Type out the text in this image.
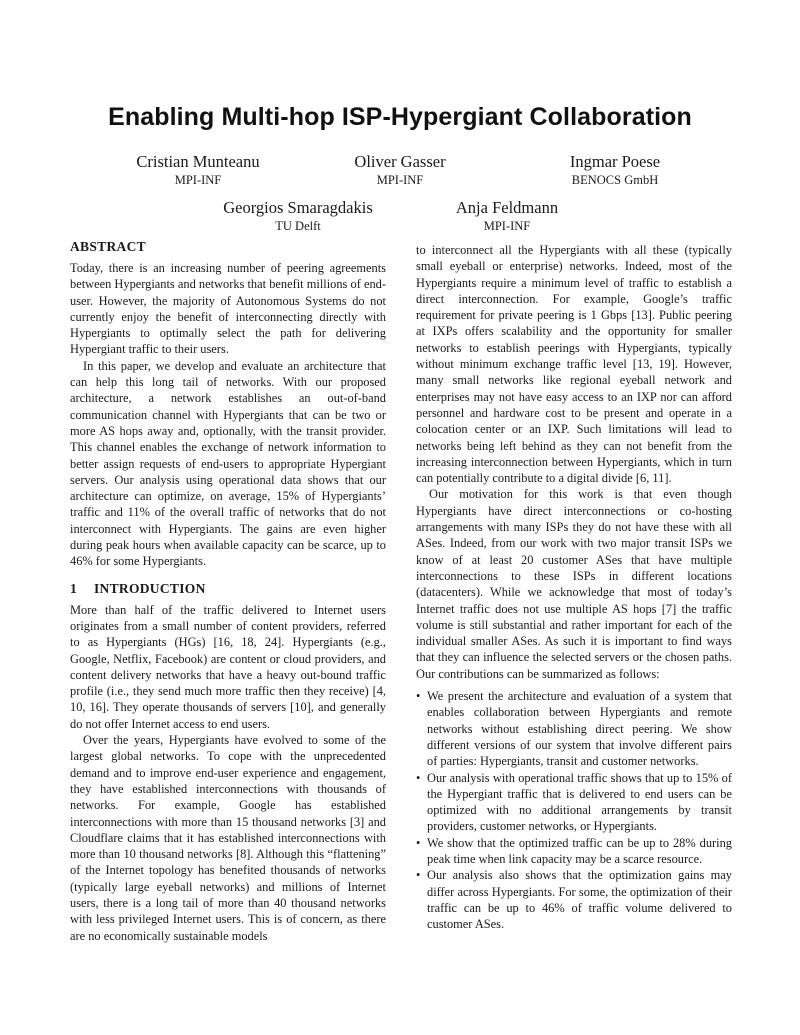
Enabling Multi-hop ISP-Hypergiant Collaboration
Cristian Munteanu
MPI-INF
Oliver Gasser
MPI-INF
Ingmar Poese
BENOCS GmbH
Georgios Smaragdakis
TU Delft
Anja Feldmann
MPI-INF
ABSTRACT

Today, there is an increasing number of peering agreements between Hypergiants and networks that benefit millions of end-user. However, the majority of Autonomous Systems do not currently enjoy the benefit of interconnecting directly with Hypergiants to optimally select the path for delivering Hypergiant traffic to their users.

In this paper, we develop and evaluate an architecture that can help this long tail of networks. With our proposed architecture, a network establishes an out-of-band communication channel with Hypergiants that can be two or more AS hops away and, optionally, with the transit provider. This channel enables the exchange of network information to better assign requests of end-users to appropriate Hypergiant servers. Our analysis using operational data shows that our architecture can optimize, on average, 15% of Hypergiants’ traffic and 11% of the overall traffic of networks that do not interconnect with Hypergiants. The gains are even higher during peak hours when available capacity can be scarce, up to 46% for some Hypergiants.

1 INTRODUCTION

More than half of the traffic delivered to Internet users originates from a small number of content providers, referred to as Hypergiants (HGs) [16, 18, 24]. Hypergiants (e.g., Google, Netflix, Facebook) are content or cloud providers, and content delivery networks that have a heavy out-bound traffic profile (i.e., they send much more traffic then they receive) [4, 10, 16]. They operate thousands of servers [10], and generally do not offer Internet access to end users.

Over the years, Hypergiants have evolved to some of the largest global networks. To cope with the unprecedented demand and to improve end-user experience and engagement, they have established interconnections with thousands of networks. For example, Google has established interconnections with more than 15 thousand networks [3] and Cloudflare claims that it has established interconnections with more than 10 thousand networks [8]. Although this “flattening” of the Internet topology has benefited thousands of networks (typically large eyeball networks) and millions of Internet users, there is a long tail of more than 40 thousand networks with less privileged Internet users. This is of concern, as there are no economically sustainable models

to interconnect all the Hypergiants with all these (typically small eyeball or enterprise) networks. Indeed, most of the Hypergiants require a minimum level of traffic to establish a direct interconnection. For example, Google’s traffic requirement for private peering is 1 Gbps [13]. Public peering at IXPs offers scalability and the opportunity for smaller networks to establish peerings with Hypergiants, typically without minimum exchange traffic level [13, 19]. However, many small networks like regional eyeball network and enterprises may not have easy access to an IXP nor can afford personnel and hardware cost to be present and operate in a colocation center or an IXP. Such limitations will lead to networks being left behind as they can not benefit from the increasing interconnection between Hypergiants, which in turn can potentially contribute to a digital divide [6, 11].

Our motivation for this work is that even though Hypergiants have direct interconnections or co-hosting arrangements with many ISPs they do not have these with all ASes. Indeed, from our work with two major transit ISPs we know of at least 20 customer ASes that have multiple interconnections to these ISPs in different locations (datacenters). While we acknowledge that most of today’s Internet traffic does not use multiple AS hops [7] the traffic volume is still substantial and rather important for each of the individual smaller ASes. As such it is important to find ways that they can influence the selected servers or the chosen paths. Our contributions can be summarized as follows:

• We present the architecture and evaluation of a system that enables collaboration between Hypergiants and remote networks without establishing direct peering. We show different versions of our system that involve different pairs of parties: Hypergiants, transit and customer networks.
• Our analysis with operational traffic shows that up to 15% of the Hypergiant traffic that is delivered to end users can be optimized with no additional arrangements by transit providers, customer networks, or Hypergiants.
• We show that the optimized traffic can be up to 28% during peak time when link capacity may be a scarce resource.
• Our analysis also shows that the optimization gains may differ across Hypergiants. For some, the optimization of their traffic can be up to 46% of traffic volume delivered to customer ASes.
